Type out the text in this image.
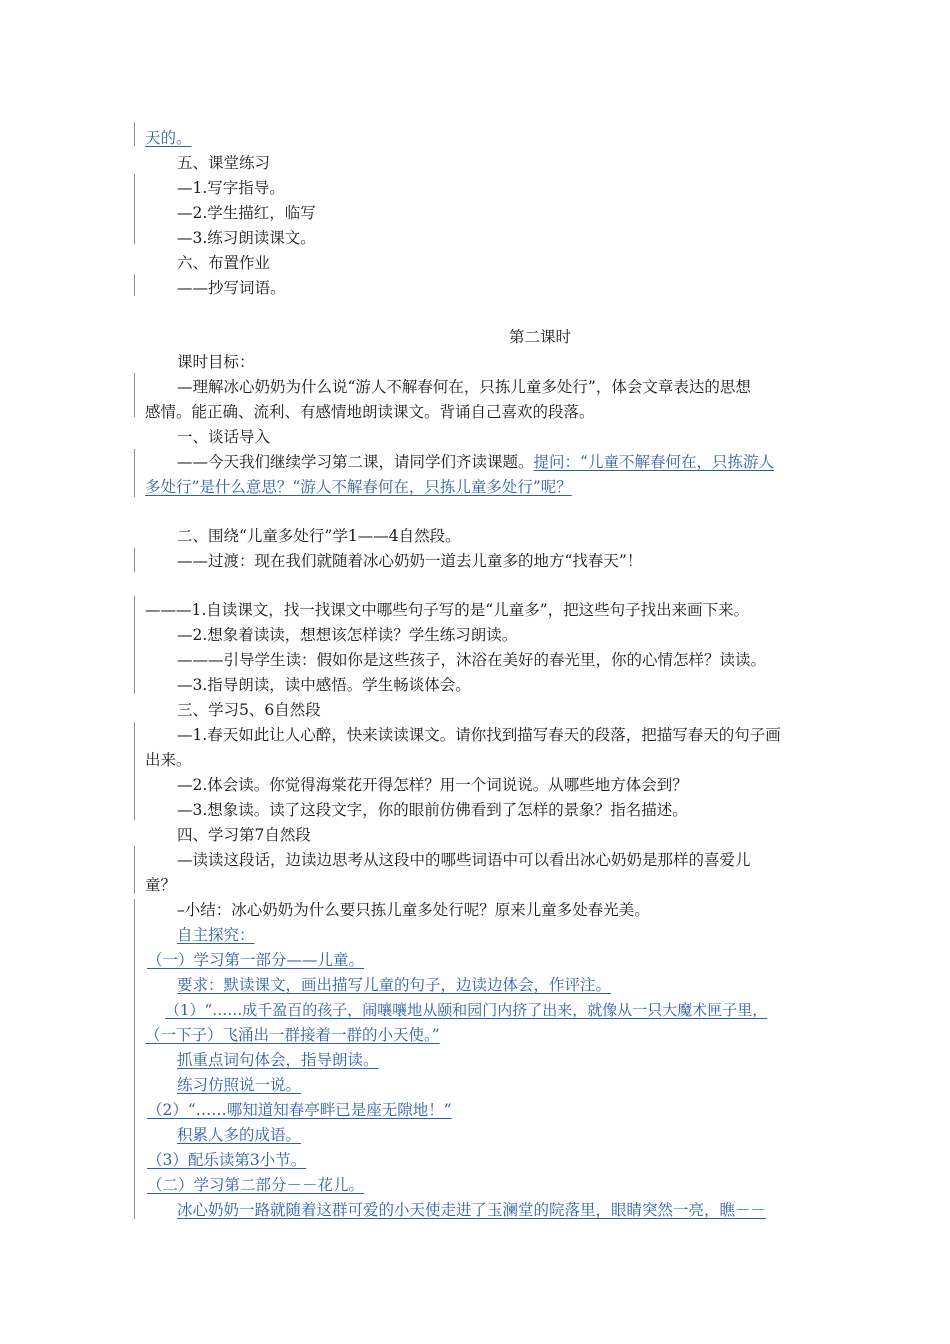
天的。
五、课堂练习
—1.写字指导。
—2.学生描红，临写
—3.练习朗读课文。
六、布置作业
——抄写词语。
第二课时
课时目标：
—理解冰心奶奶为什么说“游人不解春何在，只拣儿童多处行”，体会文章表达的思想
感情。能正确、流利、有感情地朗读课文。背诵自己喜欢的段落。
一、谈话导入
——今天我们继续学习第二课，请同学们齐读课题。提问：“儿童不解春何在，只拣游人
多处行”是什么意思？“游人不解春何在，只拣儿童多处行”呢？
二、围绕“儿童多处行”学1——4自然段。
——过渡：现在我们就随着冰心奶奶一道去儿童多的地方“找春天”！
———1.自读课文，找一找课文中哪些句子写的是“儿童多”，把这些句子找出来画下来。
—2.想象着读读，想想该怎样读？学生练习朗读。
———引导学生读：假如你是这些孩子，沐浴在美好的春光里，你的心情怎样？读读。
—3.指导朗读，读中感悟。学生畅谈体会。
三、学习5、6自然段
—1.春天如此让人心醉，快来读读课文。请你找到描写春天的段落，把描写春天的句子画
出来。
—2.体会读。你觉得海棠花开得怎样？用一个词说说。从哪些地方体会到？
—3.想象读。读了这段文字，你的眼前仿佛看到了怎样的景象？指名描述。
四、学习第7自然段
—读读这段话，边读边思考从这段中的哪些词语中可以看出冰心奶奶是那样的喜爱儿
童？
–小结：冰心奶奶为什么要只拣儿童多处行呢？原来儿童多处春光美。
自主探究：
（一）学习第一部分——儿童。
要求：默读课文，画出描写儿童的句子，边读边体会，作评注。
（1）“……成千盈百的孩子，闹嚷嚷地从颐和园门内挤了出来，就像从一只大魔术匣子里，
（一下子）飞涌出一群接着一群的小天使。”
抓重点词句体会，指导朗读。
练习仿照说一说。
（2）“……哪知道知春亭畔已是座无隙地！”
积累人多的成语。
（3）配乐读第3小节。
（二）学习第二部分－－花儿。
冰心奶奶一路就随着这群可爱的小天使走进了玉澜堂的院落里，眼睛突然一亮，瞧－－
